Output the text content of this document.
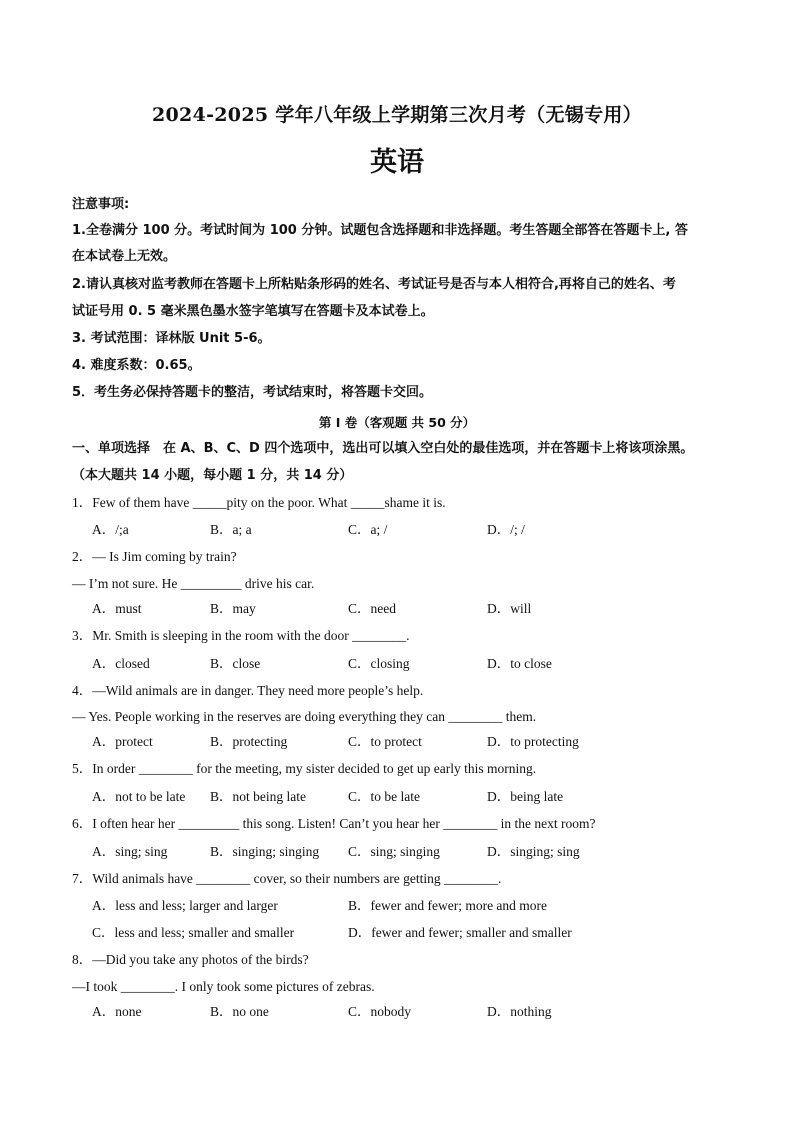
2024-2025 学年八年级上学期第三次月考（无锡专用）
英语
注意事项:
1.全卷满分 100 分。考试时间为 100 分钟。试题包含选择题和非选择题。考生答题全部答在答题卡上, 答
在本试卷上无效。
2.请认真核对监考教师在答题卡上所粘贴条形码的姓名、考试证号是否与本人相符合,再将自己的姓名、考
试证号用 0. 5 毫米黑色墨水签字笔填写在答题卡及本试卷上。
3. 考试范围：译林版 Unit 5-6。
4. 难度系数：0.65。
5．考生务必保持答题卡的整洁，考试结束时，将答题卡交回。
第 I 卷（客观题 共 50 分）
一、单项选择　在 A、B、C、D 四个选项中，选出可以填入空白处的最佳选项，并在答题卡上将该项涂黑。
（本大题共 14 小题，每小题 1 分，共 14 分）
1．Few of them have _____pity on the poor. What _____shame it is.
A．/;a	B．a; a	C．a; /	D．/; /
2．— Is Jim coming by train?
— I’m not sure. He _________ drive his car.
A．must	B．may	C．need	D．will
3．Mr. Smith is sleeping in the room with the door ________.
A．closed	B．close	C．closing	D．to close
4．—Wild animals are in danger. They need more people’s help.
— Yes. People working in the reserves are doing everything they can ________ them.
A．protect	B．protecting	C．to protect	D．to protecting
5．In order ________ for the meeting, my sister decided to get up early this morning.
A．not to be late B．not being late	C．to be late	D．being late
6．I often hear her _________ this song. Listen! Can’t you hear her ________ in the next room?
A．sing; sing	B．singing; singing C．sing; singing	D．singing; sing
7．Wild animals have ________ cover, so their numbers are getting ________.
A．less and less; larger and larger	B．fewer and fewer; more and more
C．less and less; smaller and smaller	D．fewer and fewer; smaller and smaller
8．—Did you take any photos of the birds?
—I took ________. I only took some pictures of zebras.
A．none	B．no one	C．nobody	D．nothing
